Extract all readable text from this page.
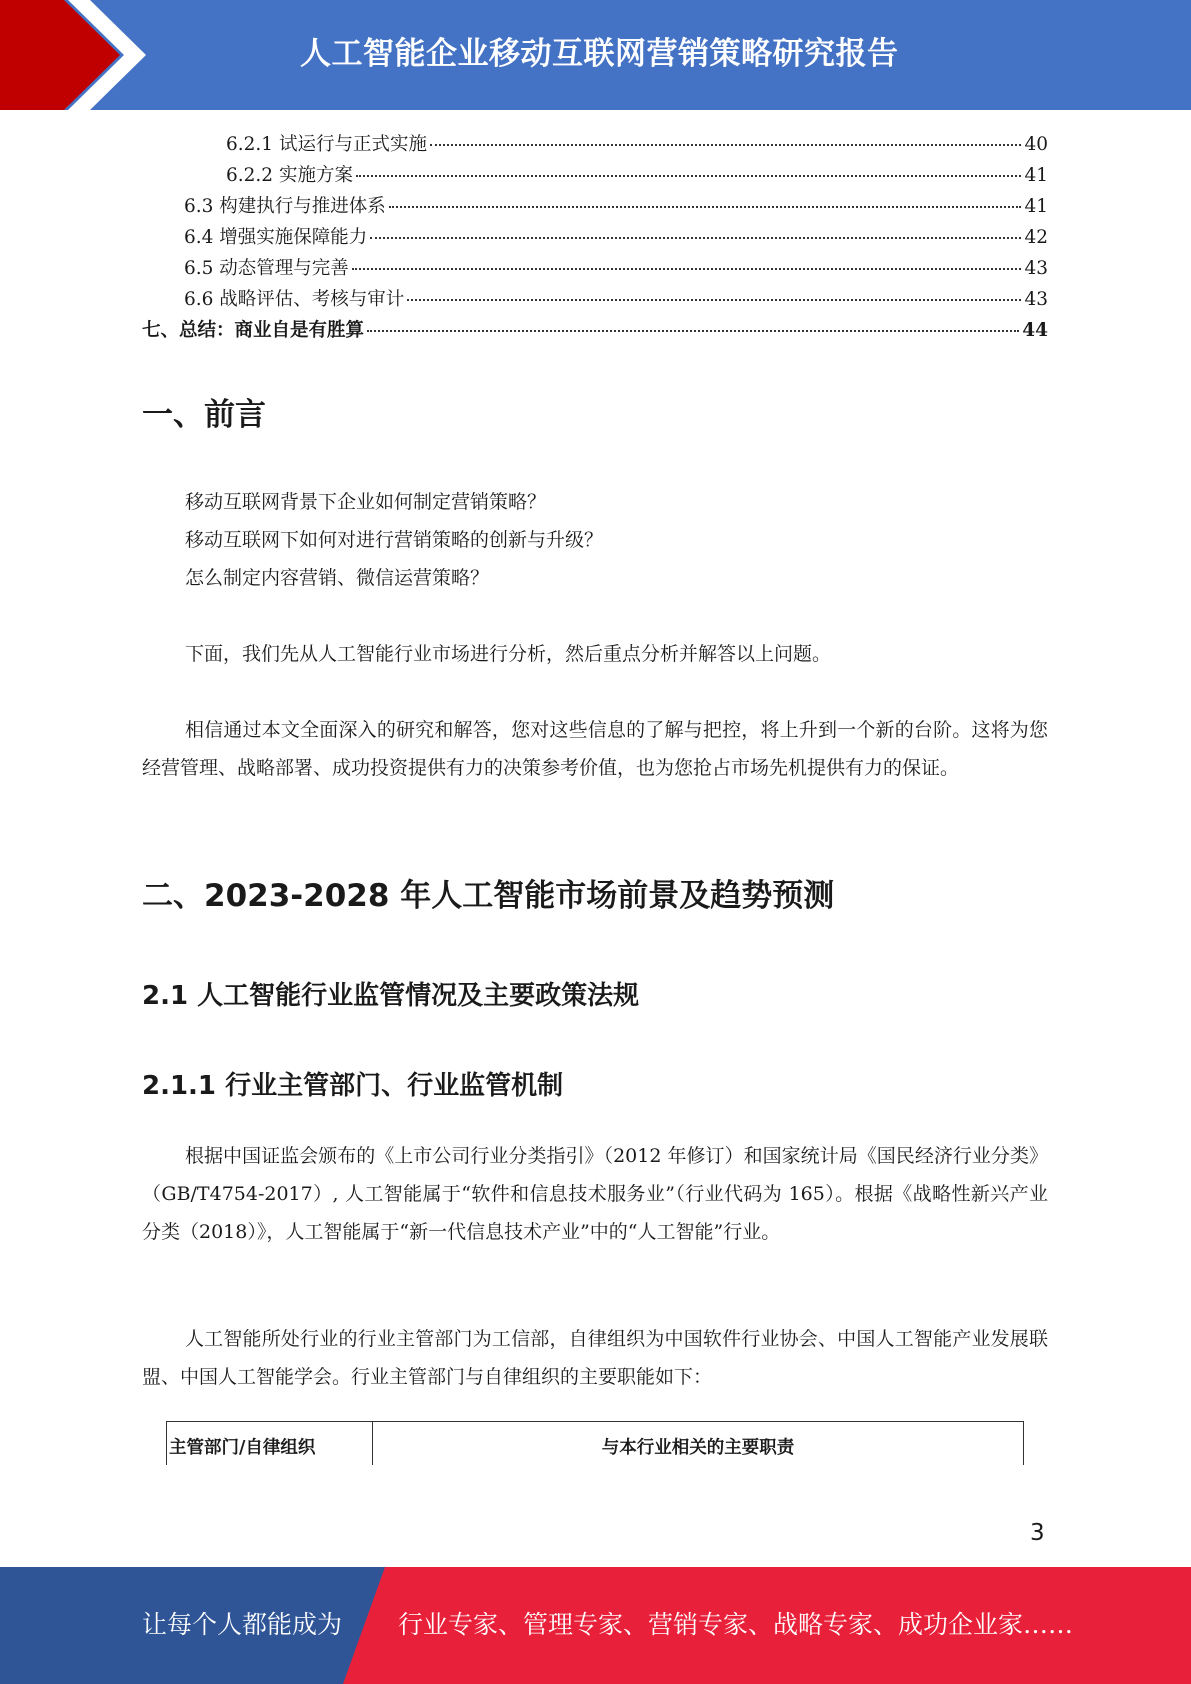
人工智能企业移动互联网营销策略研究报告
6.2.1 试运行与正式实施	40
6.2.2 实施方案	41
6.3 构建执行与推进体系	41
6.4 增强实施保障能力	42
6.5 动态管理与完善	43
6.6 战略评估、考核与审计	43
七、总结：商业自是有胜算	44
一、前言

移动互联网背景下企业如何制定营销策略？

移动互联网下如何对进行营销策略的创新与升级？

怎么制定内容营销、微信运营策略？

下面，我们先从人工智能行业市场进行分析，然后重点分析并解答以上问题。

相信通过本文全面深入的研究和解答，您对这些信息的了解与把控，将上升到一个新的台阶。这将为您经营管理、战略部署、成功投资提供有力的决策参考价值，也为您抢占市场先机提供有力的保证。

二、2023-2028 年人工智能市场前景及趋势预测
2.1 人工智能行业监管情况及主要政策法规
2.1.1 行业主管部门、行业监管机制

根据中国证监会颁布的《上市公司行业分类指引》（2012 年修订）和国家统计局《国民经济行业分类》（GB/T4754-2017）, 人工智能属于“软件和信息技术服务业”（行业代码为 165）。根据《战略性新兴产业分类（2018）》，人工智能属于“新一代信息技术产业”中的“人工智能”行业。

人工智能所处行业的行业主管部门为工信部，自律组织为中国软件行业协会、中国人工智能产业发展联盟、中国人工智能学会。行业主管部门与自律组织的主要职能如下：

主管部门/自律组织	与本行业相关的主要职责
3
让每个人都能成为 行业专家、管理专家、营销专家、战略专家、成功企业家……
